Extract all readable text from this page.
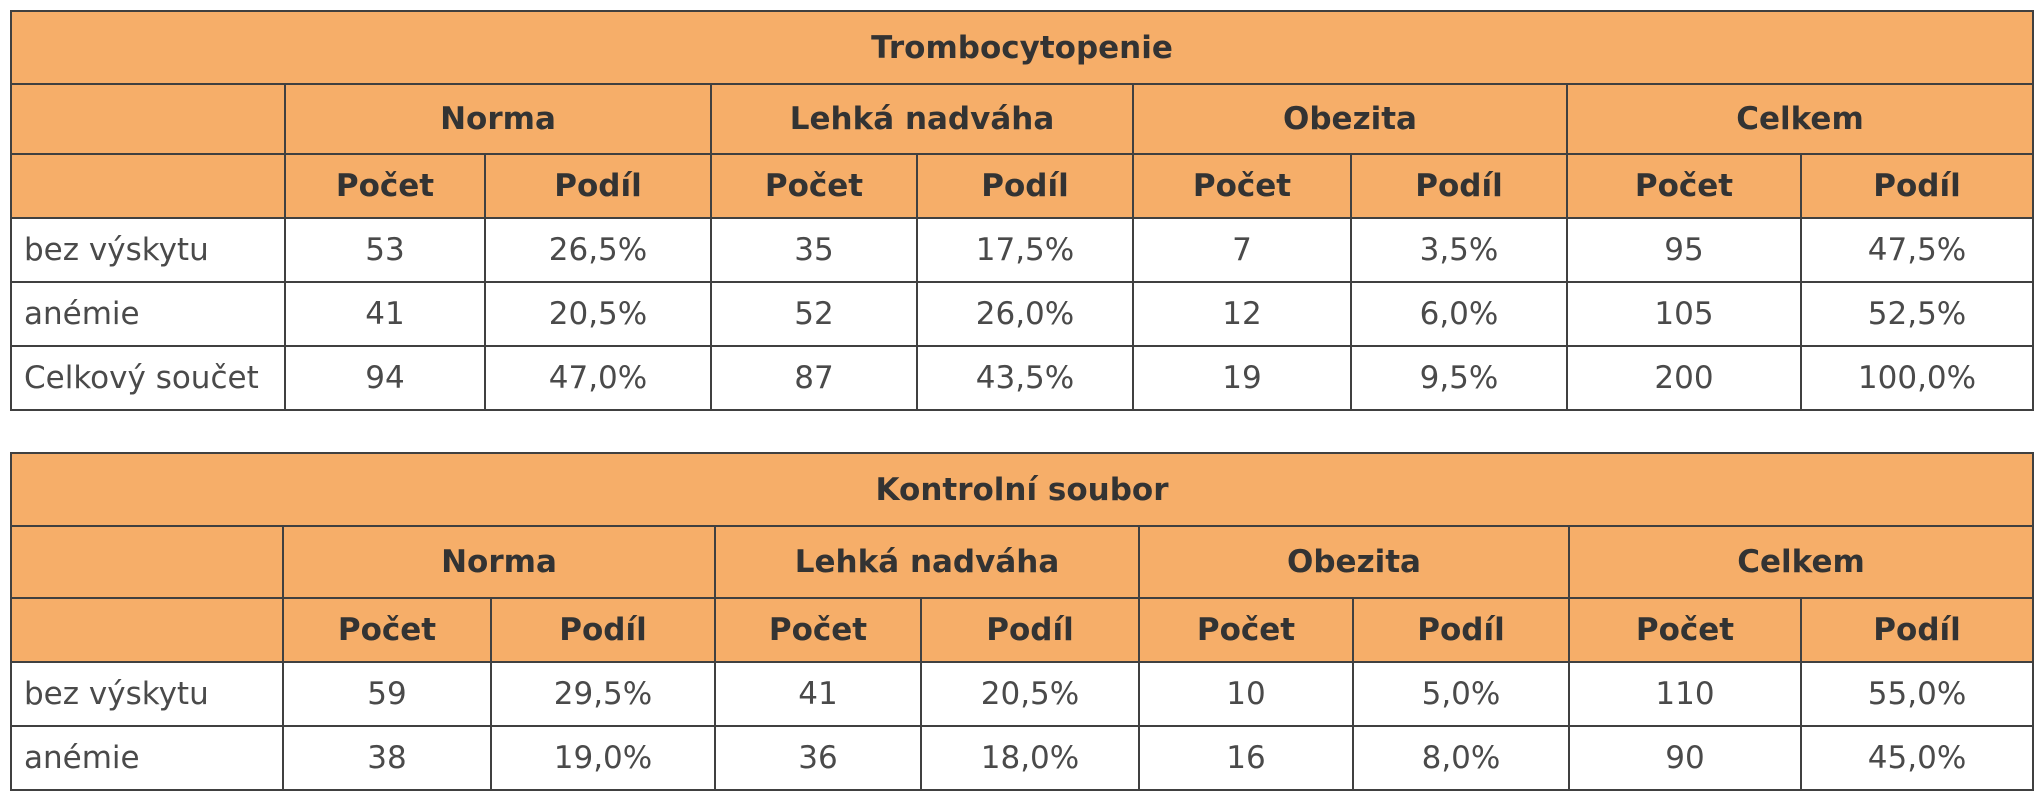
Trombocytopenie								
	Norma		Lehká nadváha		Obezita		Celkem	
	Počet	Podíl	Počet	Podíl	Počet	Podíl	Počet	Podíl
bez výskytu	53	26,5%	35	17,5%	7	3,5%	95	47,5%
anémie	41	20,5%	52	26,0%	12	6,0%	105	52,5%
Celkový součet	94	47,0%	87	43,5%	19	9,5%	200	100,0%
Kontrolní soubor								
	Norma		Lehká nadváha		Obezita		Celkem	
	Počet	Podíl	Počet	Podíl	Počet	Podíl	Počet	Podíl
bez výskytu	59	29,5%	41	20,5%	10	5,0%	110	55,0%
anémie	38	19,0%	36	18,0%	16	8,0%	90	45,0%
